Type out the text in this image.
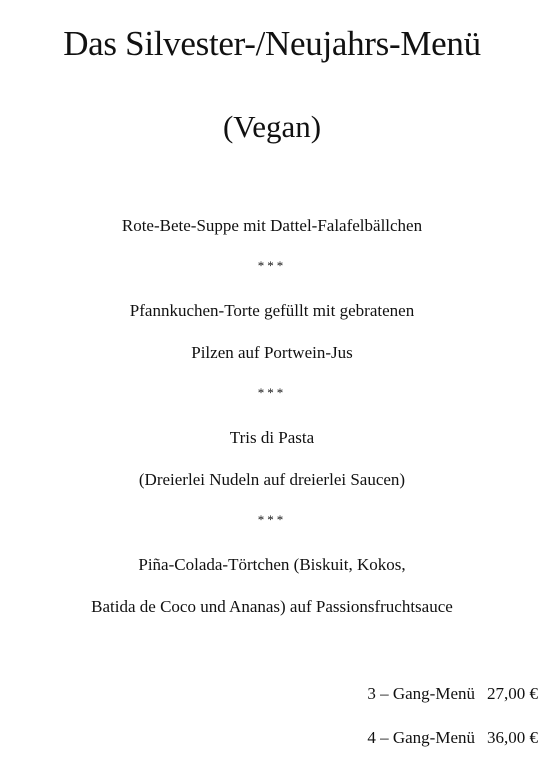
Das Silvester-/Neujahrs-Menü
(Vegan)
Rote-Bete-Suppe mit Dattel-Falafelbällchen
***
Pfannkuchen-Torte gefüllt mit gebratenen
Pilzen auf Portwein-Jus
***
Tris di Pasta
(Dreierlei Nudeln auf dreierlei Saucen)
***
Piña-Colada-Törtchen (Biskuit, Kokos,
Batida de Coco und Ananas) auf Passionsfruchtsauce
3 – Gang-Menü 27,00 €
4 – Gang-Menü 36,00 €
